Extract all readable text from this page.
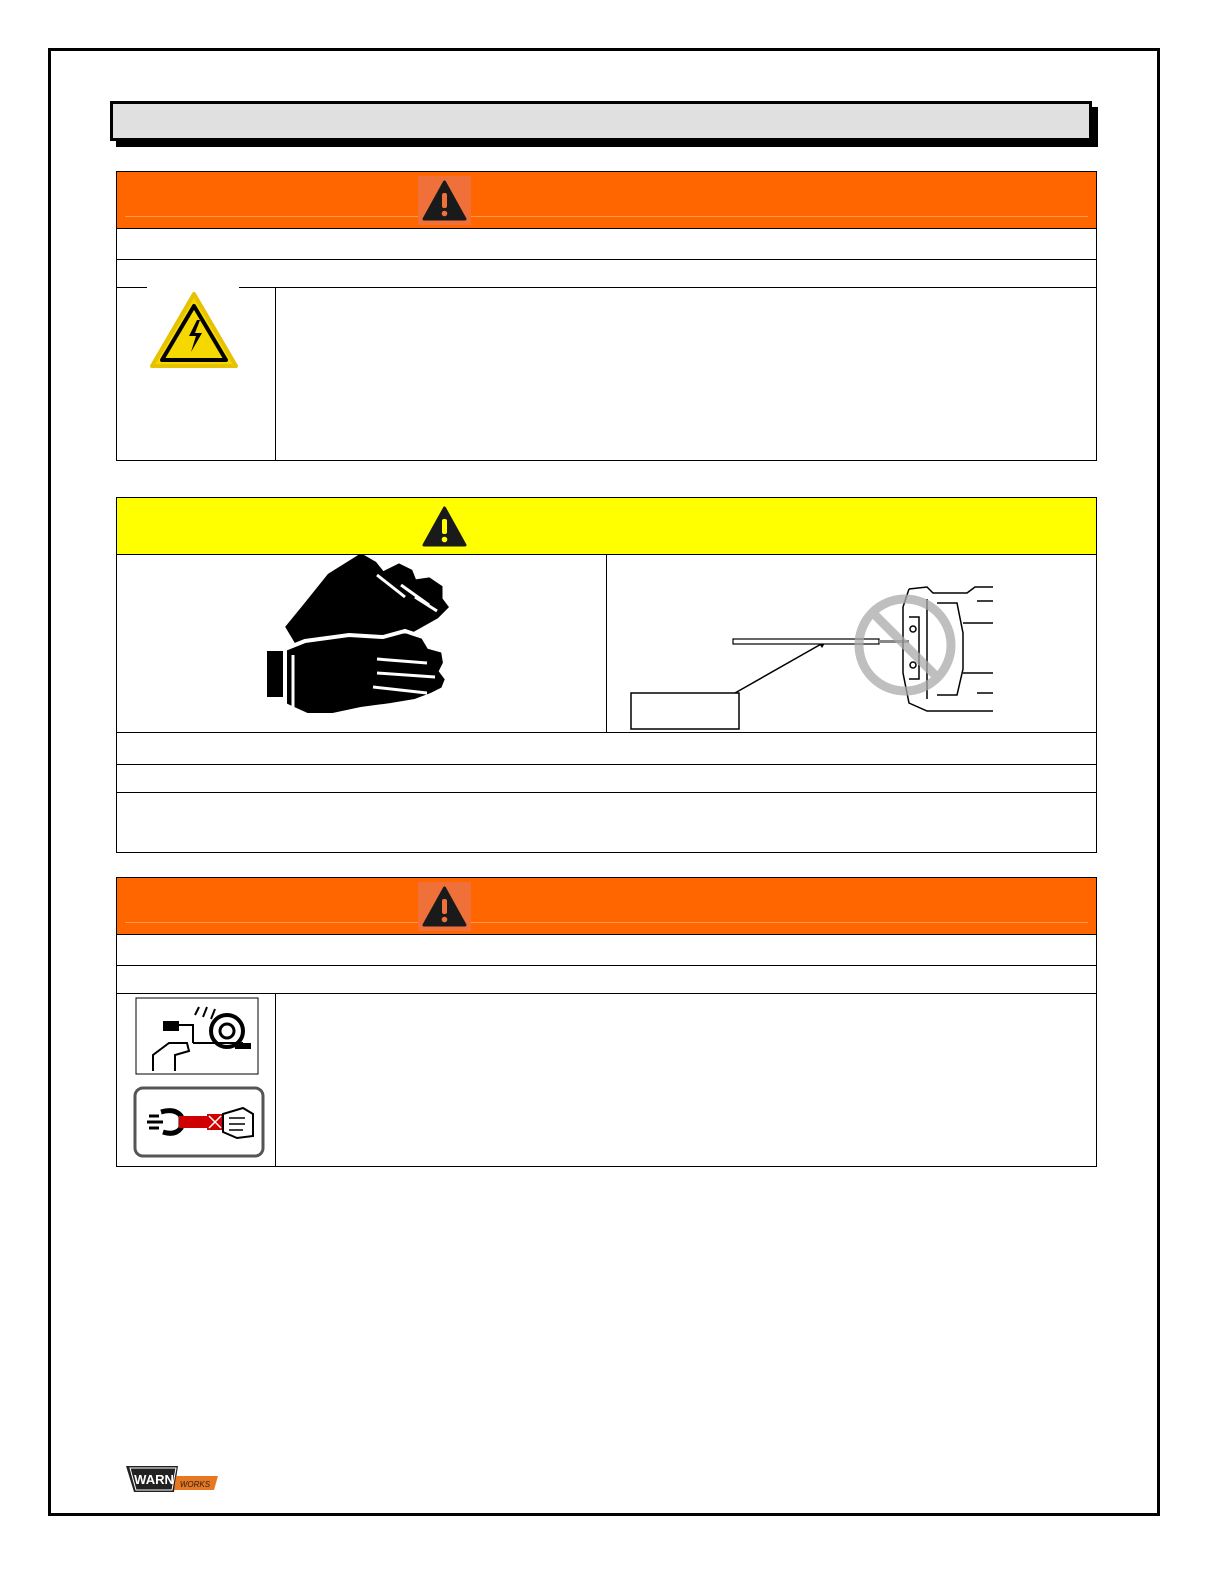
WARN WORKS
